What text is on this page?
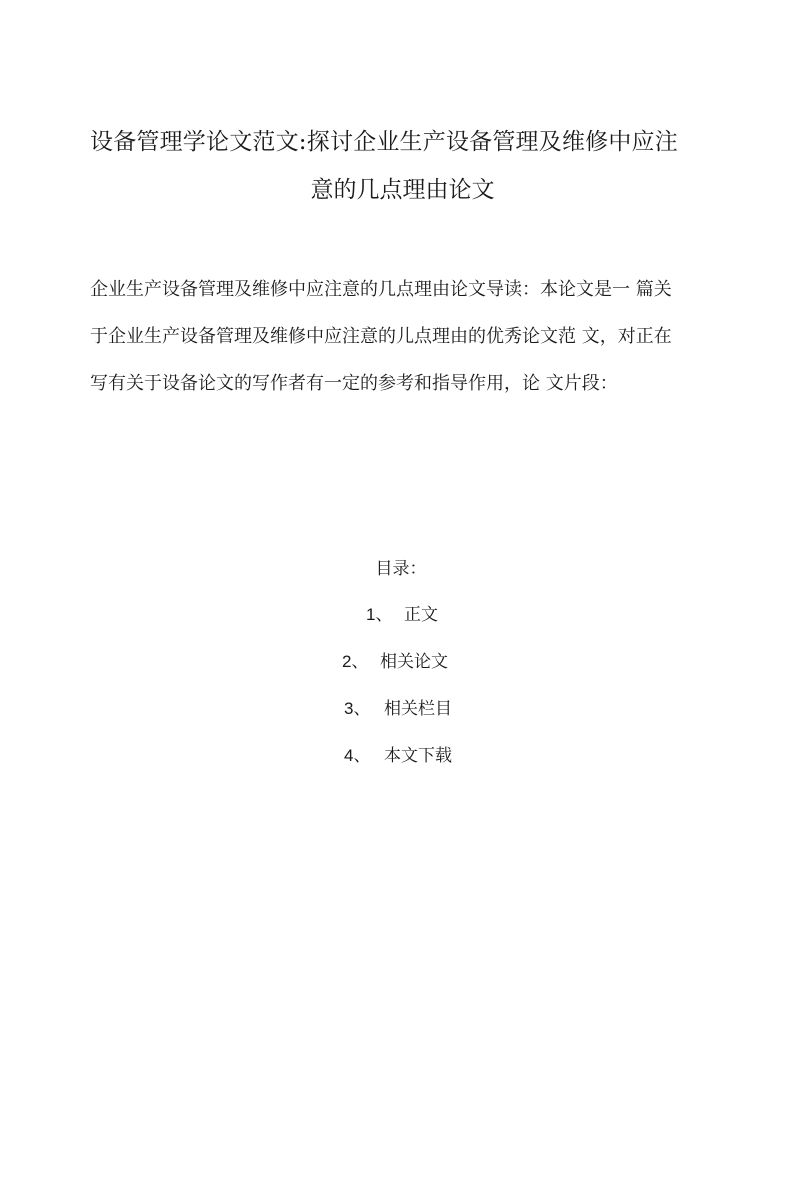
设备管理学论文范文:探讨企业生产设备管理及维修中应注
意的几点理由论文
企业生产设备管理及维修中应注意的几点理由论文导读：本论文是一 篇关
于企业生产设备管理及维修中应注意的儿点理由的优秀论文范 文，对正在
写有关于设备论文的写作者有一定的参考和指导作用，论 文片段：
目录：
1、 正文
2、 相关论文
3、 相关栏目
4、 本文下载
